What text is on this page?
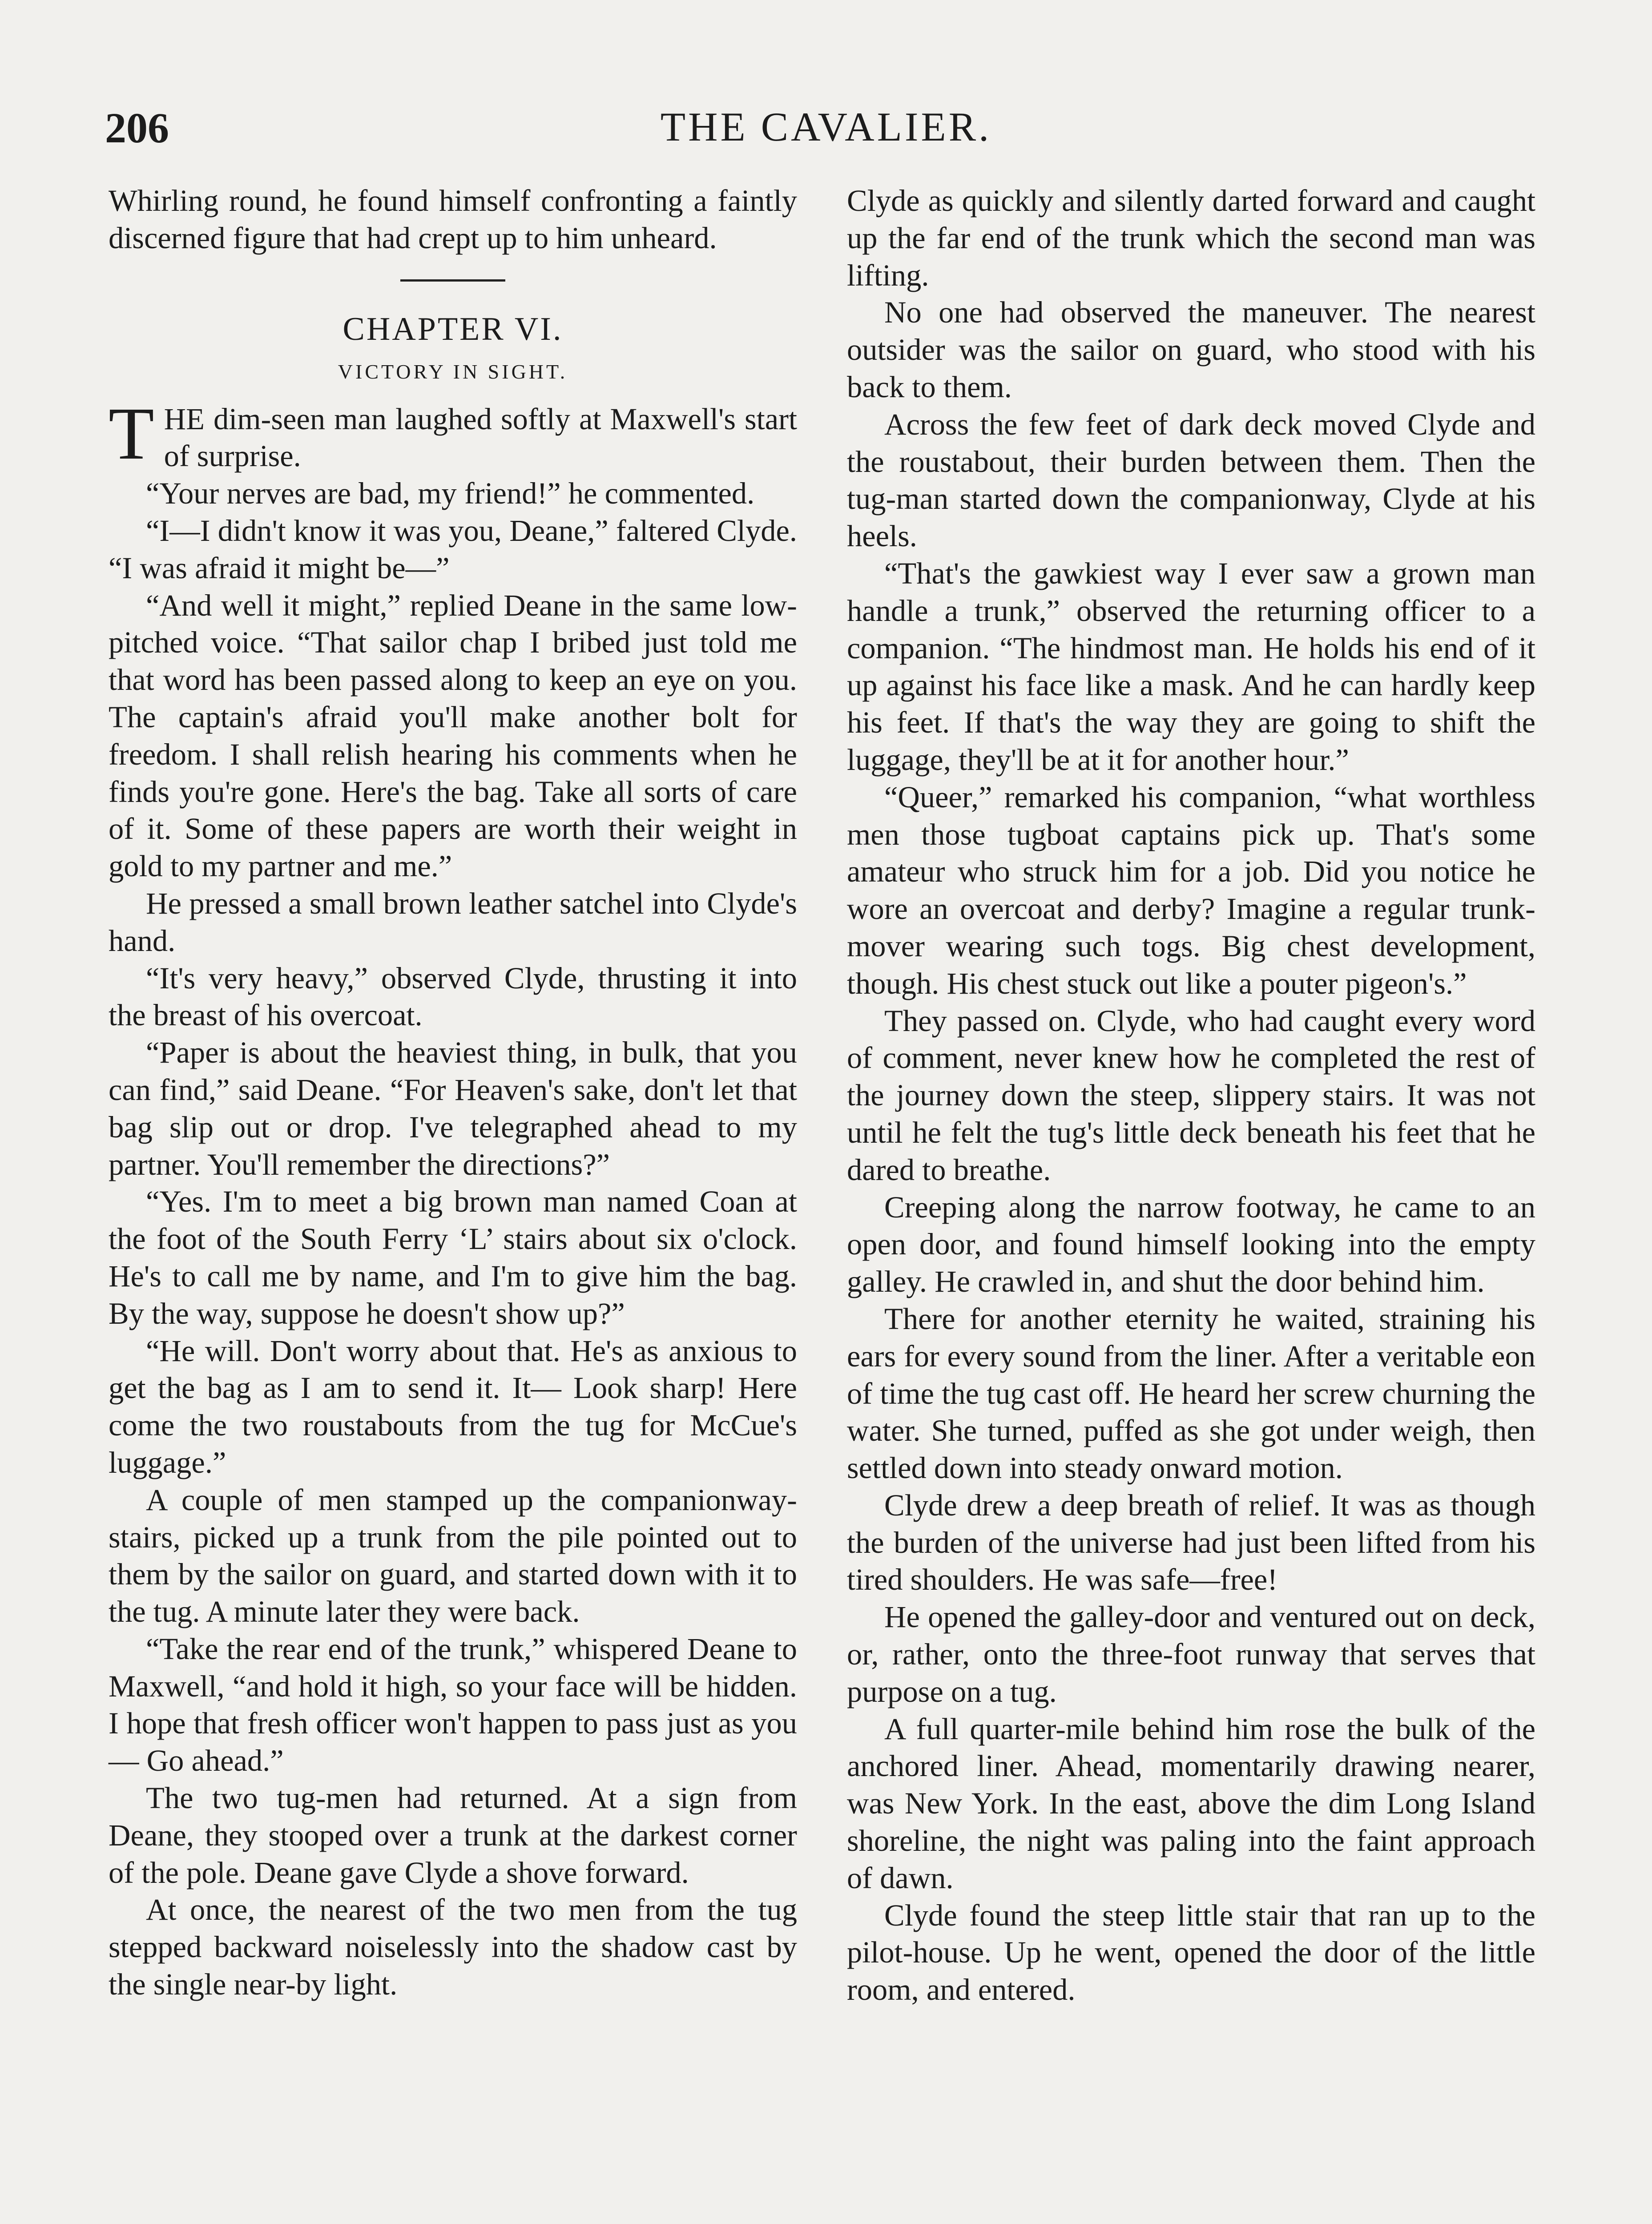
206	THE CAVALIER.

Whirling round, he found himself confronting a faintly discerned figure that had crept up to him unheard.

CHAPTER VI.
VICTORY IN SIGHT.

THE dim-seen man laughed softly at Maxwell's start of surprise.

“Your nerves are bad, my friend!” he commented.

“I—I didn't know it was you, Deane,” faltered Clyde. “I was afraid it might be—”

“And well it might,” replied Deane in the same low-pitched voice. “That sailor chap I bribed just told me that word has been passed along to keep an eye on you. The captain's afraid you'll make another bolt for freedom. I shall relish hearing his comments when he finds you're gone. Here's the bag. Take all sorts of care of it. Some of these papers are worth their weight in gold to my partner and me.”

He pressed a small brown leather satchel into Clyde's hand.

“It's very heavy,” observed Clyde, thrusting it into the breast of his overcoat.

“Paper is about the heaviest thing, in bulk, that you can find,” said Deane. “For Heaven's sake, don't let that bag slip out or drop. I've telegraphed ahead to my partner. You'll remember the directions?”

“Yes. I'm to meet a big brown man named Coan at the foot of the South Ferry ‘L’ stairs about six o'clock. He's to call me by name, and I'm to give him the bag. By the way, suppose he doesn't show up?”

“He will. Don't worry about that. He's as anxious to get the bag as I am to send it. It— Look sharp! Here come the two roustabouts from the tug for McCue's luggage.”

A couple of men stamped up the companionway-stairs, picked up a trunk from the pile pointed out to them by the sailor on guard, and started down with it to the tug. A minute later they were back.

“Take the rear end of the trunk,” whispered Deane to Maxwell, “and hold it high, so your face will be hidden. I hope that fresh officer won't happen to pass just as you— Go ahead.”

The two tug-men had returned. At a sign from Deane, they stooped over a trunk at the darkest corner of the pole. Deane gave Clyde a shove forward.

At once, the nearest of the two men from the tug stepped backward noiselessly into the shadow cast by the single near-by light.

Clyde as quickly and silently darted forward and caught up the far end of the trunk which the second man was lifting.

No one had observed the maneuver. The nearest outsider was the sailor on guard, who stood with his back to them.

Across the few feet of dark deck moved Clyde and the roustabout, their burden between them. Then the tug-man started down the companionway, Clyde at his heels.

“That's the gawkiest way I ever saw a grown man handle a trunk,” observed the returning officer to a companion. “The hindmost man. He holds his end of it up against his face like a mask. And he can hardly keep his feet. If that's the way they are going to shift the luggage, they'll be at it for another hour.”

“Queer,” remarked his companion, “what worthless men those tugboat captains pick up. That's some amateur who struck him for a job. Did you notice he wore an overcoat and derby? Imagine a regular trunk-mover wearing such togs. Big chest development, though. His chest stuck out like a pouter pigeon's.”

They passed on. Clyde, who had caught every word of comment, never knew how he completed the rest of the journey down the steep, slippery stairs. It was not until he felt the tug's little deck beneath his feet that he dared to breathe.

Creeping along the narrow footway, he came to an open door, and found himself looking into the empty galley. He crawled in, and shut the door behind him.

There for another eternity he waited, straining his ears for every sound from the liner. After a veritable eon of time the tug cast off. He heard her screw churning the water. She turned, puffed as she got under weigh, then settled down into steady onward motion.

Clyde drew a deep breath of relief. It was as though the burden of the universe had just been lifted from his tired shoulders. He was safe—free!

He opened the galley-door and ventured out on deck, or, rather, onto the three-foot runway that serves that purpose on a tug.

A full quarter-mile behind him rose the bulk of the anchored liner. Ahead, momentarily drawing nearer, was New York. In the east, above the dim Long Island shoreline, the night was paling into the faint approach of dawn.

Clyde found the steep little stair that ran up to the pilot-house. Up he went, opened the door of the little room, and entered.
